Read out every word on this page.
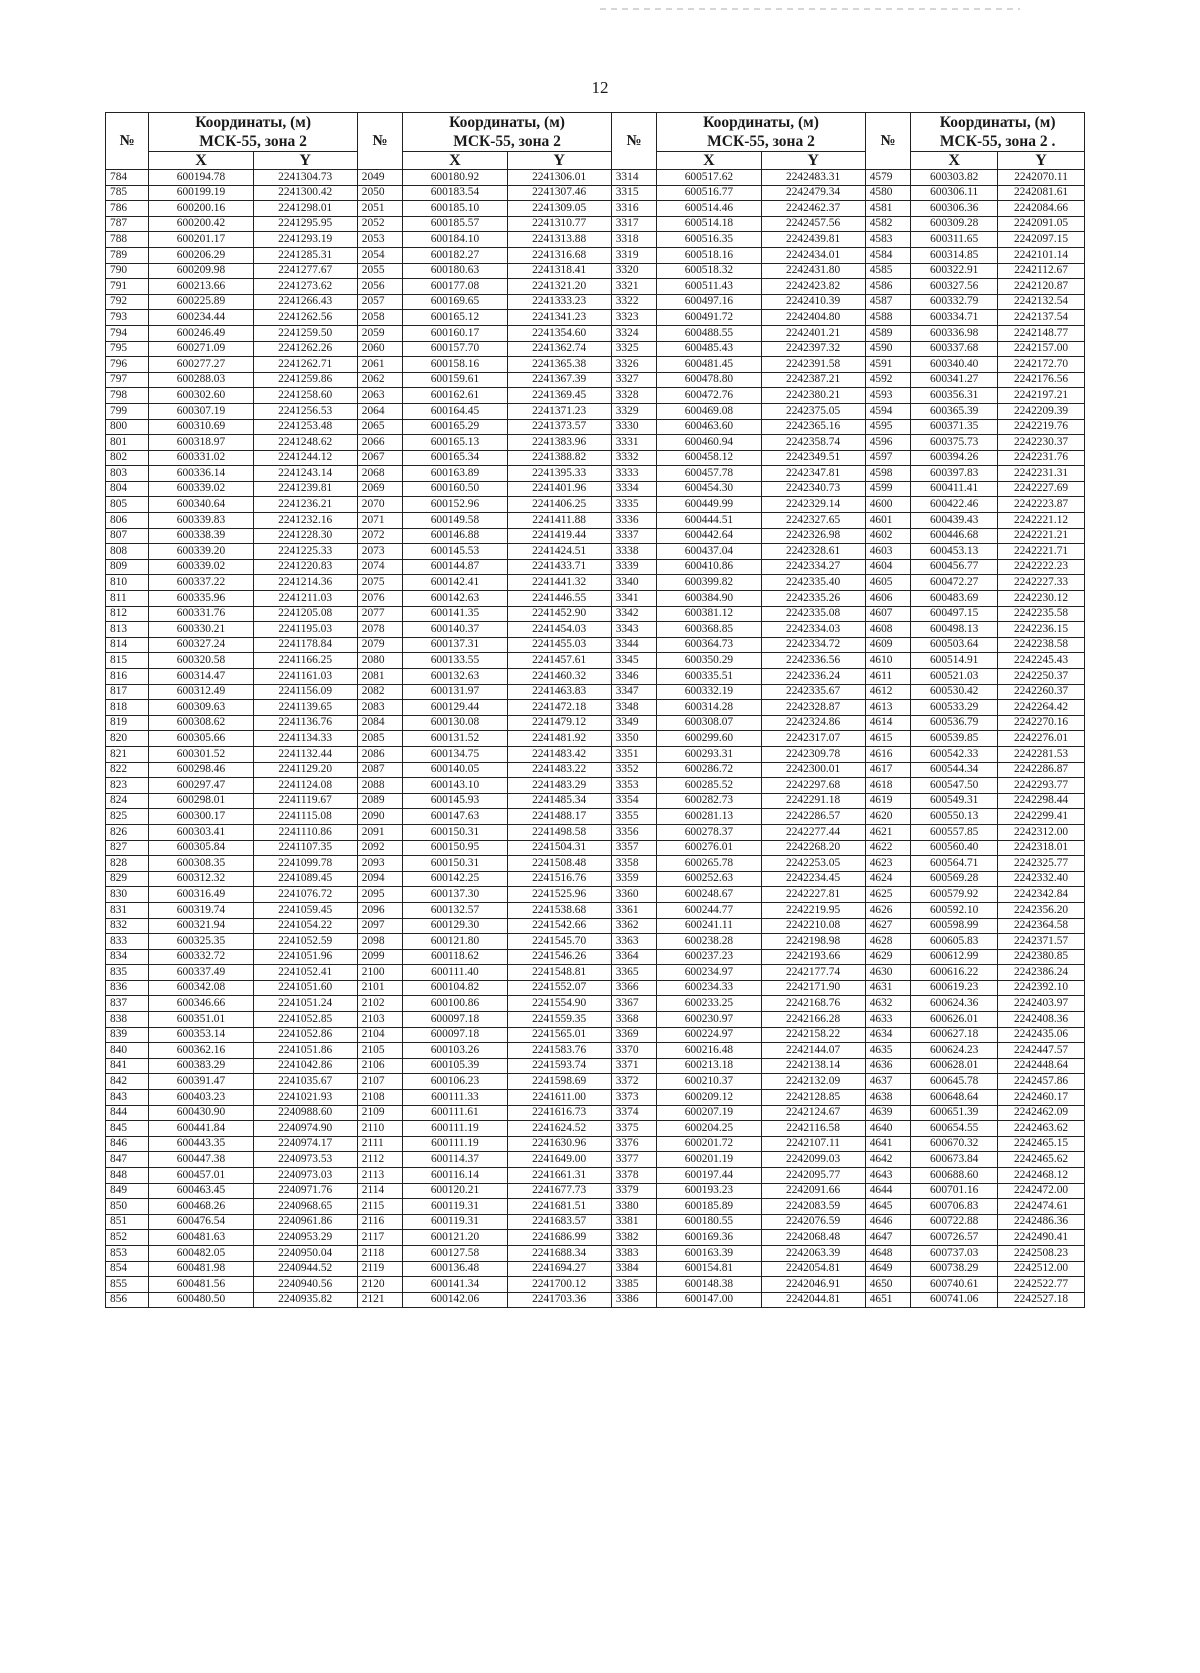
12
№	Координаты, (м)		№	Координаты, (м)		№	Координаты, (м)		№	Координаты, (м)	
	МСК-55, зона 2			МСК-55, зона 2			МСК-55, зона 2			МСК-55, зона 2 .	
	X	Y		X	Y		X	Y		X	Y
784	600194.78	2241304.73	2049	600180.92	2241306.01	3314	600517.62	2242483.31	4579	600303.82	2242070.11
785	600199.19	2241300.42	2050	600183.54	2241307.46	3315	600516.77	2242479.34	4580	600306.11	2242081.61
786	600200.16	2241298.01	2051	600185.10	2241309.05	3316	600514.46	2242462.37	4581	600306.36	2242084.66
787	600200.42	2241295.95	2052	600185.57	2241310.77	3317	600514.18	2242457.56	4582	600309.28	2242091.05
788	600201.17	2241293.19	2053	600184.10	2241313.88	3318	600516.35	2242439.81	4583	600311.65	2242097.15
789	600206.29	2241285.31	2054	600182.27	2241316.68	3319	600518.16	2242434.01	4584	600314.85	2242101.14
790	600209.98	2241277.67	2055	600180.63	2241318.41	3320	600518.32	2242431.80	4585	600322.91	2242112.67
791	600213.66	2241273.62	2056	600177.08	2241321.20	3321	600511.43	2242423.82	4586	600327.56	2242120.87
792	600225.89	2241266.43	2057	600169.65	2241333.23	3322	600497.16	2242410.39	4587	600332.79	2242132.54
793	600234.44	2241262.56	2058	600165.12	2241341.23	3323	600491.72	2242404.80	4588	600334.71	2242137.54
794	600246.49	2241259.50	2059	600160.17	2241354.60	3324	600488.55	2242401.21	4589	600336.98	2242148.77
795	600271.09	2241262.26	2060	600157.70	2241362.74	3325	600485.43	2242397.32	4590	600337.68	2242157.00
796	600277.27	2241262.71	2061	600158.16	2241365.38	3326	600481.45	2242391.58	4591	600340.40	2242172.70
797	600288.03	2241259.86	2062	600159.61	2241367.39	3327	600478.80	2242387.21	4592	600341.27	2242176.56
798	600302.60	2241258.60	2063	600162.61	2241369.45	3328	600472.76	2242380.21	4593	600356.31	2242197.21
799	600307.19	2241256.53	2064	600164.45	2241371.23	3329	600469.08	2242375.05	4594	600365.39	2242209.39
800	600310.69	2241253.48	2065	600165.29	2241373.57	3330	600463.60	2242365.16	4595	600371.35	2242219.76
801	600318.97	2241248.62	2066	600165.13	2241383.96	3331	600460.94	2242358.74	4596	600375.73	2242230.37
802	600331.02	2241244.12	2067	600165.34	2241388.82	3332	600458.12	2242349.51	4597	600394.26	2242231.76
803	600336.14	2241243.14	2068	600163.89	2241395.33	3333	600457.78	2242347.81	4598	600397.83	2242231.31
804	600339.02	2241239.81	2069	600160.50	2241401.96	3334	600454.30	2242340.73	4599	600411.41	2242227.69
805	600340.64	2241236.21	2070	600152.96	2241406.25	3335	600449.99	2242329.14	4600	600422.46	2242223.87
806	600339.83	2241232.16	2071	600149.58	2241411.88	3336	600444.51	2242327.65	4601	600439.43	2242221.12
807	600338.39	2241228.30	2072	600146.88	2241419.44	3337	600442.64	2242326.98	4602	600446.68	2242221.21
808	600339.20	2241225.33	2073	600145.53	2241424.51	3338	600437.04	2242328.61	4603	600453.13	2242221.71
809	600339.02	2241220.83	2074	600144.87	2241433.71	3339	600410.86	2242334.27	4604	600456.77	2242222.23
810	600337.22	2241214.36	2075	600142.41	2241441.32	3340	600399.82	2242335.40	4605	600472.27	2242227.33
811	600335.96	2241211.03	2076	600142.63	2241446.55	3341	600384.90	2242335.26	4606	600483.69	2242230.12
812	600331.76	2241205.08	2077	600141.35	2241452.90	3342	600381.12	2242335.08	4607	600497.15	2242235.58
813	600330.21	2241195.03	2078	600140.37	2241454.03	3343	600368.85	2242334.03	4608	600498.13	2242236.15
814	600327.24	2241178.84	2079	600137.31	2241455.03	3344	600364.73	2242334.72	4609	600503.64	2242238.58
815	600320.58	2241166.25	2080	600133.55	2241457.61	3345	600350.29	2242336.56	4610	600514.91	2242245.43
816	600314.47	2241161.03	2081	600132.63	2241460.32	3346	600335.51	2242336.24	4611	600521.03	2242250.37
817	600312.49	2241156.09	2082	600131.97	2241463.83	3347	600332.19	2242335.67	4612	600530.42	2242260.37
818	600309.63	2241139.65	2083	600129.44	2241472.18	3348	600314.28	2242328.87	4613	600533.29	2242264.42
819	600308.62	2241136.76	2084	600130.08	2241479.12	3349	600308.07	2242324.86	4614	600536.79	2242270.16
820	600305.66	2241134.33	2085	600131.52	2241481.92	3350	600299.60	2242317.07	4615	600539.85	2242276.01
821	600301.52	2241132.44	2086	600134.75	2241483.42	3351	600293.31	2242309.78	4616	600542.33	2242281.53
822	600298.46	2241129.20	2087	600140.05	2241483.22	3352	600286.72	2242300.01	4617	600544.34	2242286.87
823	600297.47	2241124.08	2088	600143.10	2241483.29	3353	600285.52	2242297.68	4618	600547.50	2242293.77
824	600298.01	2241119.67	2089	600145.93	2241485.34	3354	600282.73	2242291.18	4619	600549.31	2242298.44
825	600300.17	2241115.08	2090	600147.63	2241488.17	3355	600281.13	2242286.57	4620	600550.13	2242299.41
826	600303.41	2241110.86	2091	600150.31	2241498.58	3356	600278.37	2242277.44	4621	600557.85	2242312.00
827	600305.84	2241107.35	2092	600150.95	2241504.31	3357	600276.01	2242268.20	4622	600560.40	2242318.01
828	600308.35	2241099.78	2093	600150.31	2241508.48	3358	600265.78	2242253.05	4623	600564.71	2242325.77
829	600312.32	2241089.45	2094	600142.25	2241516.76	3359	600252.63	2242234.45	4624	600569.28	2242332.40
830	600316.49	2241076.72	2095	600137.30	2241525.96	3360	600248.67	2242227.81	4625	600579.92	2242342.84
831	600319.74	2241059.45	2096	600132.57	2241538.68	3361	600244.77	2242219.95	4626	600592.10	2242356.20
832	600321.94	2241054.22	2097	600129.30	2241542.66	3362	600241.11	2242210.08	4627	600598.99	2242364.58
833	600325.35	2241052.59	2098	600121.80	2241545.70	3363	600238.28	2242198.98	4628	600605.83	2242371.57
834	600332.72	2241051.96	2099	600118.62	2241546.26	3364	600237.23	2242193.66	4629	600612.99	2242380.85
835	600337.49	2241052.41	2100	600111.40	2241548.81	3365	600234.97	2242177.74	4630	600616.22	2242386.24
836	600342.08	2241051.60	2101	600104.82	2241552.07	3366	600234.33	2242171.90	4631	600619.23	2242392.10
837	600346.66	2241051.24	2102	600100.86	2241554.90	3367	600233.25	2242168.76	4632	600624.36	2242403.97
838	600351.01	2241052.85	2103	600097.18	2241559.35	3368	600230.97	2242166.28	4633	600626.01	2242408.36
839	600353.14	2241052.86	2104	600097.18	2241565.01	3369	600224.97	2242158.22	4634	600627.18	2242435.06
840	600362.16	2241051.86	2105	600103.26	2241583.76	3370	600216.48	2242144.07	4635	600624.23	2242447.57
841	600383.29	2241042.86	2106	600105.39	2241593.74	3371	600213.18	2242138.14	4636	600628.01	2242448.64
842	600391.47	2241035.67	2107	600106.23	2241598.69	3372	600210.37	2242132.09	4637	600645.78	2242457.86
843	600403.23	2241021.93	2108	600111.33	2241611.00	3373	600209.12	2242128.85	4638	600648.64	2242460.17
844	600430.90	2240988.60	2109	600111.61	2241616.73	3374	600207.19	2242124.67	4639	600651.39	2242462.09
845	600441.84	2240974.90	2110	600111.19	2241624.52	3375	600204.25	2242116.58	4640	600654.55	2242463.62
846	600443.35	2240974.17	2111	600111.19	2241630.96	3376	600201.72	2242107.11	4641	600670.32	2242465.15
847	600447.38	2240973.53	2112	600114.37	2241649.00	3377	600201.19	2242099.03	4642	600673.84	2242465.62
848	600457.01	2240973.03	2113	600116.14	2241661.31	3378	600197.44	2242095.77	4643	600688.60	2242468.12
849	600463.45	2240971.76	2114	600120.21	2241677.73	3379	600193.23	2242091.66	4644	600701.16	2242472.00
850	600468.26	2240968.65	2115	600119.31	2241681.51	3380	600185.89	2242083.59	4645	600706.83	2242474.61
851	600476.54	2240961.86	2116	600119.31	2241683.57	3381	600180.55	2242076.59	4646	600722.88	2242486.36
852	600481.63	2240953.29	2117	600121.20	2241686.99	3382	600169.36	2242068.48	4647	600726.57	2242490.41
853	600482.05	2240950.04	2118	600127.58	2241688.34	3383	600163.39	2242063.39	4648	600737.03	2242508.23
854	600481.98	2240944.52	2119	600136.48	2241694.27	3384	600154.81	2242054.81	4649	600738.29	2242512.00
855	600481.56	2240940.56	2120	600141.34	2241700.12	3385	600148.38	2242046.91	4650	600740.61	2242522.77
856	600480.50	2240935.82	2121	600142.06	2241703.36	3386	600147.00	2242044.81	4651	600741.06	2242527.18
